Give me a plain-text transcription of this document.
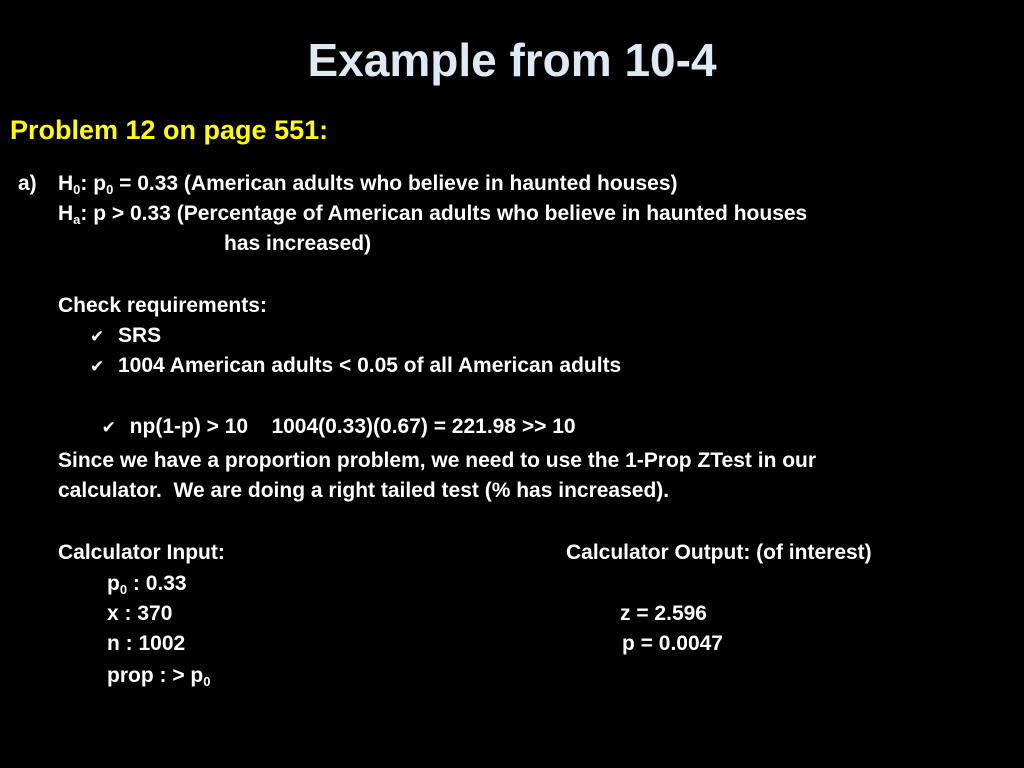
Example from 10-4
Problem 12 on page 551:
a) $H_0$: $p_0 = 0.33$ (American adults who believe in haunted houses)
$H_a$: p > 0.33 (Percentage of American adults who believe in haunted houses
has increased)
Check requirements:
✔ SRS
✔ 1004 American adults < 0.05 of all American adults

✔ np(1-p) > 10    1004(0.33)(0.67) = 221.98 >> 10

Since we have a proportion problem, we need to use the 1-Prop ZTest in our
calculator.  We are doing a right tailed test (% has increased).
Calculator Input:	Calculator Output: (of interest)
$p_0$ : 0.33
x : 370
n : 1002
prop : > $p_0$
z = 2.596
p = 0.0047
